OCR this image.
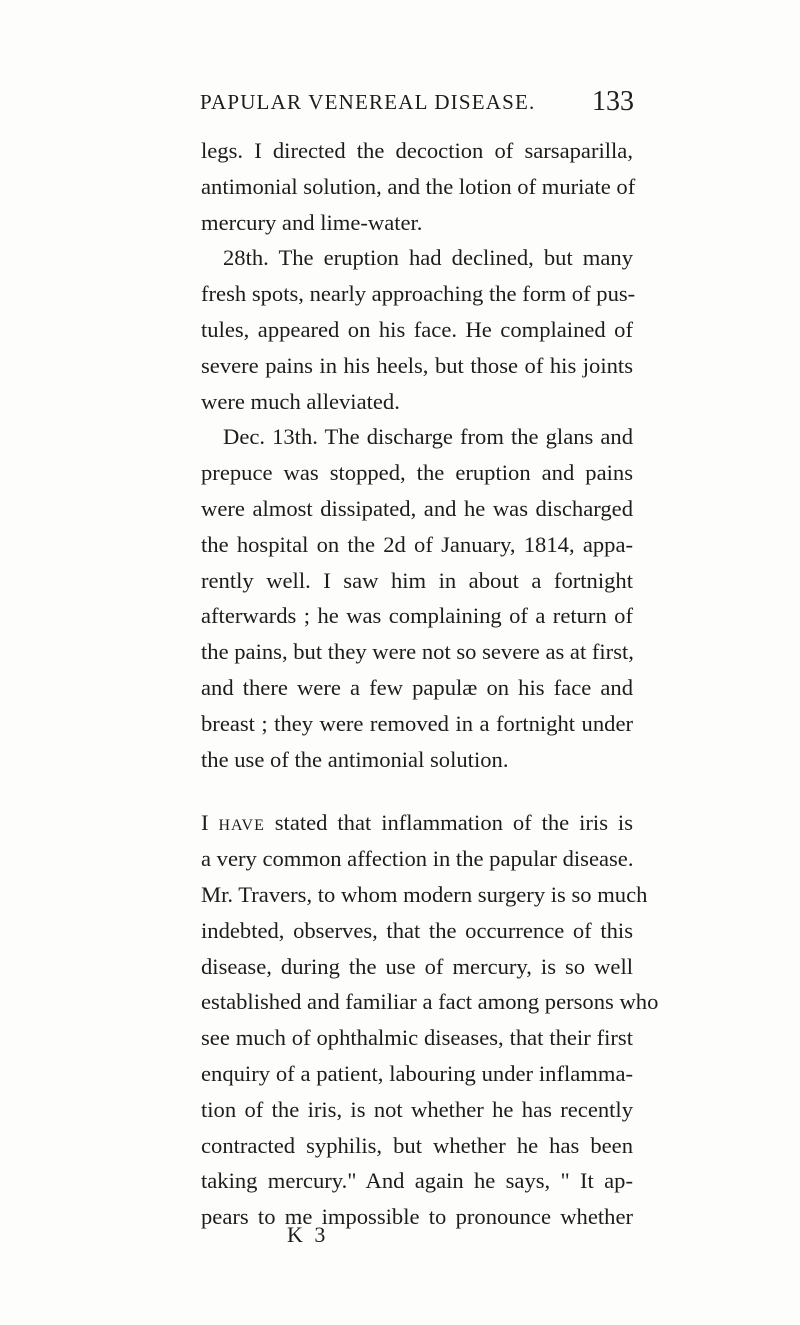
PAPULAR VENEREAL DISEASE. 133
legs. I directed the decoction of sarsaparilla,
antimonial solution, and the lotion of muriate of
mercury and lime-water.
28th. The eruption had declined, but many
fresh spots, nearly approaching the form of pus-
tules, appeared on his face. He complained of
severe pains in his heels, but those of his joints
were much alleviated.
Dec. 13th. The discharge from the glans and
prepuce was stopped, the eruption and pains
were almost dissipated, and he was discharged
the hospital on the 2d of January, 1814, appa-
rently well. I saw him in about a fortnight
afterwards ; he was complaining of a return of
the pains, but they were not so severe as at first,
and there were a few papulæ on his face and
breast ; they were removed in a fortnight under
the use of the antimonial solution.
I have stated that inflammation of the iris is
a very common affection in the papular disease.
Mr. Travers, to whom modern surgery is so much
indebted, observes, that the occurrence of this
disease, during the use of mercury, is so well
established and familiar a fact among persons who
see much of ophthalmic diseases, that their first
enquiry of a patient, labouring under inflamma-
tion of the iris, is not whether he has recently
contracted syphilis, but whether he has been
taking mercury." And again he says, " It ap-
pears to me impossible to pronounce whether
K 3
